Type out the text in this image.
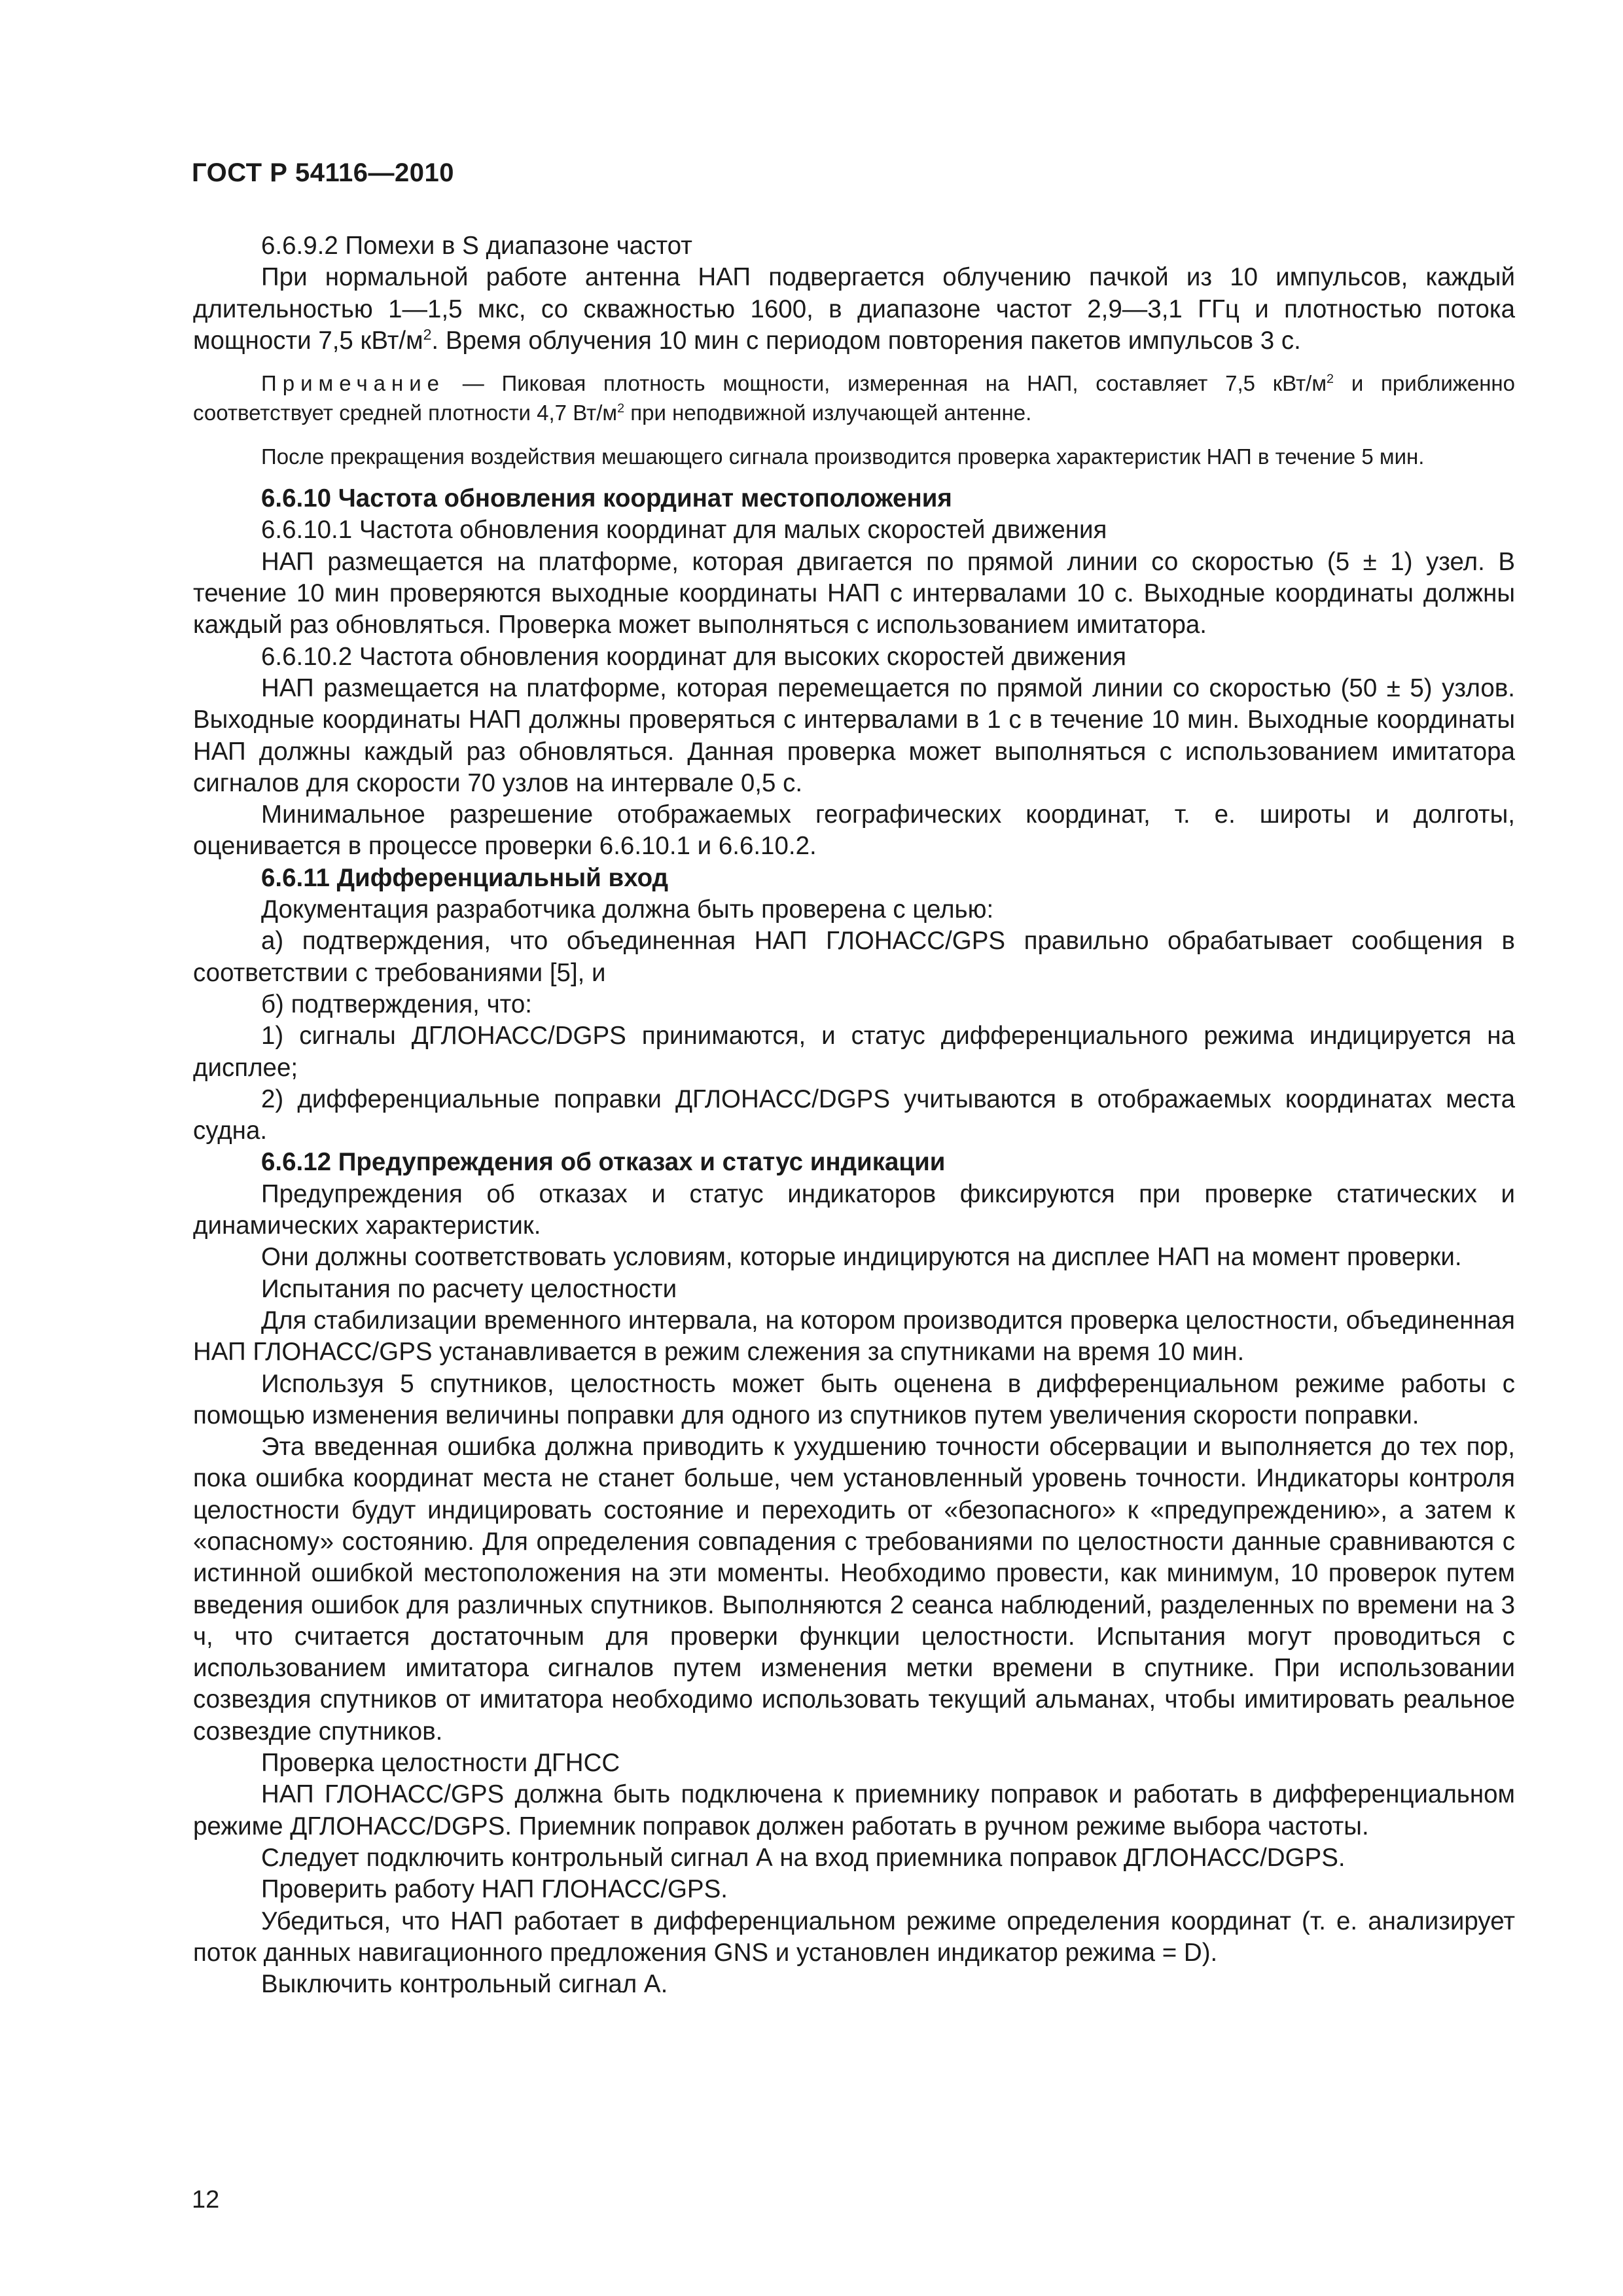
ГОСТ Р 54116—2010

6.6.9.2 Помехи в S диапазоне частот

При нормальной работе антенна НАП подвергается облучению пачкой из 10 импульсов, каждый длительностью 1—1,5 мкс, со скважностью 1600, в диапазоне частот 2,9—3,1 ГГц и плотностью потока мощности 7,5 кВт/$м^2$. Время облучения 10 мин с периодом повторения пакетов импульсов 3 с.

Примечание — Пиковая плотность мощности, измеренная на НАП, составляет 7,5 кВт/$м^2$ и приближенно соответствует средней плотности 4,7 $Вт/м^2$ при неподвижной излучающей антенне.

После прекращения воздействия мешающего сигнала производится проверка характеристик НАП в течение 5 мин.

6.6.10 Частота обновления координат местоположения

6.6.10.1 Частота обновления координат для малых скоростей движения

НАП размещается на платформе, которая двигается по прямой линии со скоростью (5 ± 1) узел. В течение 10 мин проверяются выходные координаты НАП с интервалами 10 с. Выходные координаты должны каждый раз обновляться. Проверка может выполняться с использованием имитатора.

6.6.10.2 Частота обновления координат для высоких скоростей движения

НАП размещается на платформе, которая перемещается по прямой линии со скоростью (50 ± 5) узлов. Выходные координаты НАП должны проверяться с интервалами в 1 с в течение 10 мин. Выходные координаты НАП должны каждый раз обновляться. Данная проверка может выполняться с использованием имитатора сигналов для скорости 70 узлов на интервале 0,5 с.

Минимальное разрешение отображаемых географических координат, т. е. широты и долготы, оценивается в процессе проверки 6.6.10.1 и 6.6.10.2.

6.6.11 Дифференциальный вход

Документация разработчика должна быть проверена с целью:

а) подтверждения, что объединенная НАП ГЛОНАСС/GPS правильно обрабатывает сообщения в соответствии с требованиями [5], и

б) подтверждения, что:

1) сигналы ДГЛОНАСС/DGPS принимаются, и статус дифференциального режима индицируется на дисплее;

2) дифференциальные поправки ДГЛОНАСС/DGPS учитываются в отображаемых координатах места судна.

6.6.12 Предупреждения об отказах и статус индикации

Предупреждения об отказах и статус индикаторов фиксируются при проверке статических и динамических характеристик.

Они должны соответствовать условиям, которые индицируются на дисплее НАП на момент проверки.

Испытания по расчету целостности

Для стабилизации временного интервала, на котором производится проверка целостности, объединенная НАП ГЛОНАСС/GPS устанавливается в режим слежения за спутниками на время 10 мин.

Используя 5 спутников, целостность может быть оценена в дифференциальном режиме работы с помощью изменения величины поправки для одного из спутников путем увеличения скорости поправки.

Эта введенная ошибка должна приводить к ухудшению точности обсервации и выполняется до тех пор, пока ошибка координат места не станет больше, чем установленный уровень точности. Индикаторы контроля целостности будут индицировать состояние и переходить от «безопасного» к «предупреждению», а затем к «опасному» состоянию. Для определения совпадения с требованиями по целостности данные сравниваются с истинной ошибкой местоположения на эти моменты. Необходимо провести, как минимум, 10 проверок путем введения ошибок для различных спутников. Выполняются 2 сеанса наблюдений, разделенных по времени на 3 ч, что считается достаточным для проверки функции целостности. Испытания могут проводиться с использованием имитатора сигналов путем изменения метки времени в спутнике. При использовании созвездия спутников от имитатора необходимо использовать текущий альманах, чтобы имитировать реальное созвездие спутников.

Проверка целостности ДГНСС

НАП ГЛОНАСС/GPS должна быть подключена к приемнику поправок и работать в дифференциальном режиме ДГЛОНАСС/DGPS. Приемник поправок должен работать в ручном режиме выбора частоты.

Следует подключить контрольный сигнал А на вход приемника поправок ДГЛОНАСС/DGPS.

Проверить работу НАП ГЛОНАСС/GPS.

Убедиться, что НАП работает в дифференциальном режиме определения координат (т. е. анализирует поток данных навигационного предложения GNS и установлен индикатор режима = D).

Выключить контрольный сигнал А.

12
